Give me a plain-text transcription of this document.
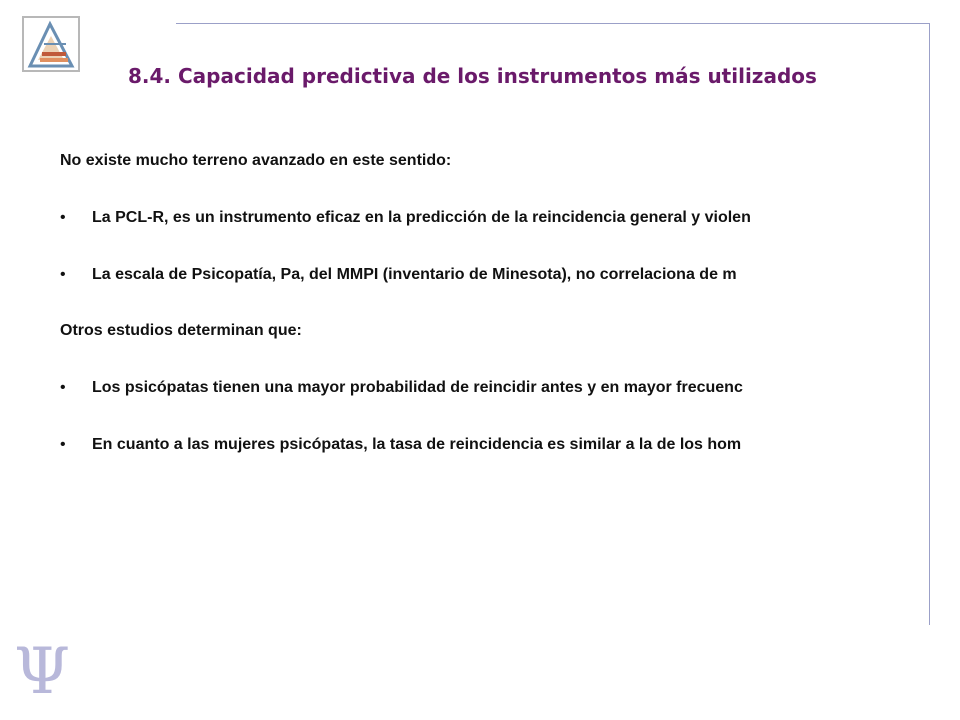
8.4. Capacidad predictiva de los instrumentos más utilizados

No existe mucho terreno avanzado en este sentido:

• La PCL-R, es un instrumento eficaz en la predicción de la reincidencia general y violen

• La escala de Psicopatía, Pa, del MMPI (inventario de Minesota), no correlaciona de m

Otros estudios determinan que:

• Los psicópatas tienen una mayor probabilidad de reincidir antes y en mayor frecuenc

• En cuanto a las mujeres psicópatas, la tasa de reincidencia es similar a la de los hom

Ψ
